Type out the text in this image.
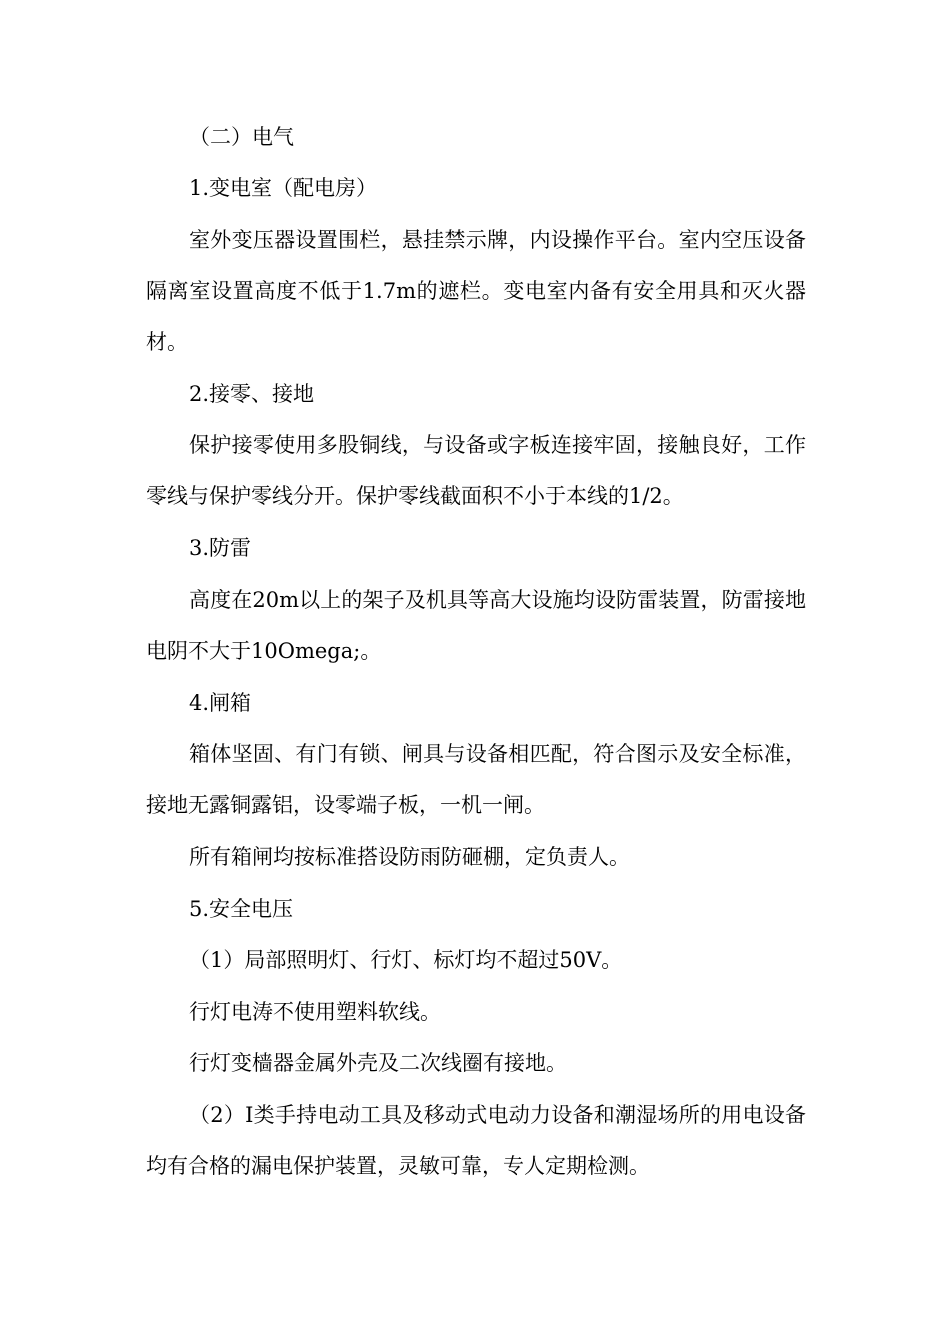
（二）电气

1.变电室（配电房）

室外变压器设置围栏，悬挂禁示牌，内设操作平台。室内空压设备隔离室设置高度不低于1.7m的遮栏。变电室内备有安全用具和灭火器材。

2.接零、接地

保护接零使用多股铜线，与设备或字板连接牢固，接触良好，工作零线与保护零线分开。保护零线截面积不小于本线的1/2。

3.防雷

高度在20m以上的架子及机具等高大设施均设防雷装置，防雷接地电阴不大于10Omega;。

4.闸箱

箱体坚固、有门有锁、闸具与设备相匹配，符合图示及安全标准，接地无露铜露铝，设零端子板，一机一闸。

所有箱闸均按标准搭设防雨防砸棚，定负责人。

5.安全电压

（1）局部照明灯、行灯、标灯均不超过50V。

行灯电涛不使用塑料软线。

行灯变樯器金属外壳及二次线圈有接地。

（2）I类手持电动工具及移动式电动力设备和潮湿场所的用电设备均有合格的漏电保护装置，灵敏可靠，专人定期检测。
